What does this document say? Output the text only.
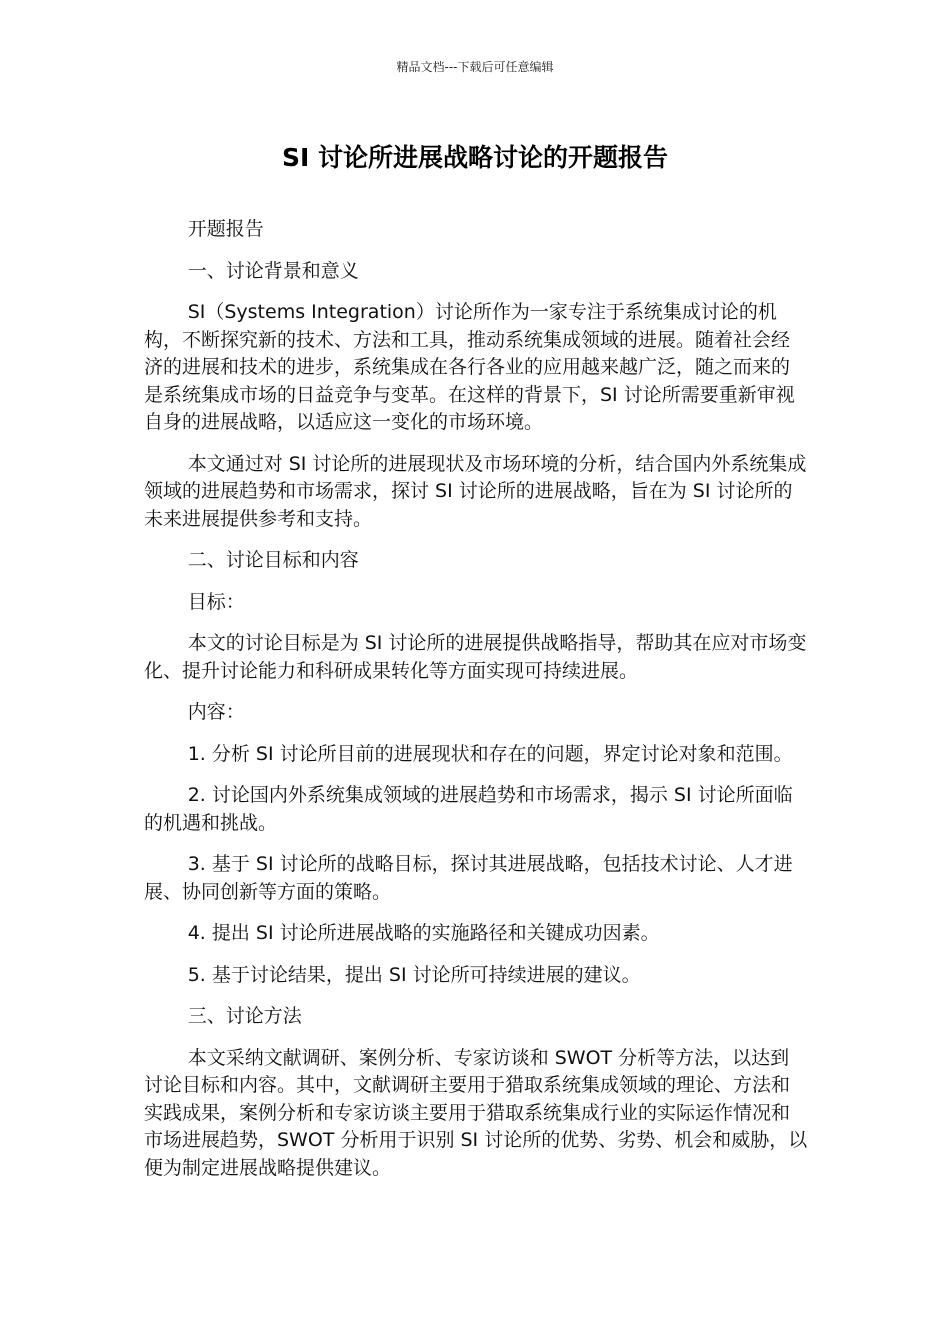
精品文档---下载后可任意编辑
SI 讨论所进展战略讨论的开题报告

开题报告

一、讨论背景和意义

SI（Systems Integration）讨论所作为一家专注于系统集成讨论的机构，不断探究新的技术、方法和工具，推动系统集成领域的进展。随着社会经济的进展和技术的进步，系统集成在各行各业的应用越来越广泛，随之而来的是系统集成市场的日益竞争与变革。在这样的背景下，SI 讨论所需要重新审视自身的进展战略，以适应这一变化的市场环境。

本文通过对 SI 讨论所的进展现状及市场环境的分析，结合国内外系统集成领域的进展趋势和市场需求，探讨 SI 讨论所的进展战略，旨在为 SI 讨论所的未来进展提供参考和支持。

二、讨论目标和内容

目标：

本文的讨论目标是为 SI 讨论所的进展提供战略指导，帮助其在应对市场变化、提升讨论能力和科研成果转化等方面实现可持续进展。

内容：

1. 分析 SI 讨论所目前的进展现状和存在的问题，界定讨论对象和范围。

2. 讨论国内外系统集成领域的进展趋势和市场需求，揭示 SI 讨论所面临的机遇和挑战。

3. 基于 SI 讨论所的战略目标，探讨其进展战略，包括技术讨论、人才进展、协同创新等方面的策略。

4. 提出 SI 讨论所进展战略的实施路径和关键成功因素。

5. 基于讨论结果，提出 SI 讨论所可持续进展的建议。

三、讨论方法

本文采纳文献调研、案例分析、专家访谈和 SWOT 分析等方法，以达到讨论目标和内容。其中，文献调研主要用于猎取系统集成领域的理论、方法和实践成果，案例分析和专家访谈主要用于猎取系统集成行业的实际运作情况和市场进展趋势，SWOT 分析用于识别 SI 讨论所的优势、劣势、机会和威胁，以便为制定进展战略提供建议。
